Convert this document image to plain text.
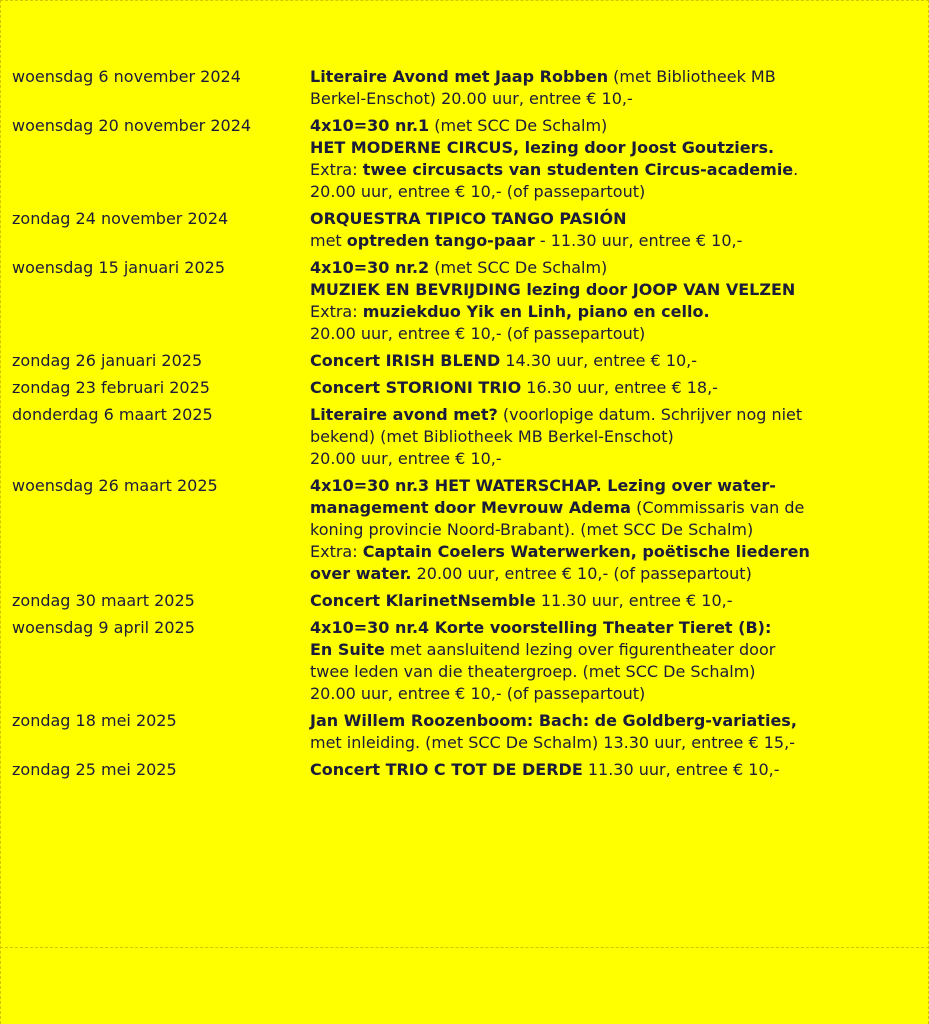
woensdag 6 november 2024	Literaire Avond met Jaap Robben (met Bibliotheek MB
Berkel-Enschot) 20.00 uur, entree € 10,-
woensdag 20 november 2024	4x10=30 nr.1 (met SCC De Schalm)
HET MODERNE CIRCUS, lezing door Joost Goutziers.
Extra: twee circusacts van studenten Circus-academie.
20.00 uur, entree € 10,- (of passepartout)
zondag 24 november 2024	ORQUESTRA TIPICO TANGO PASIÓN
met optreden tango-paar - 11.30 uur, entree € 10,-
woensdag 15 januari 2025	4x10=30 nr.2 (met SCC De Schalm)
MUZIEK EN BEVRIJDING lezing door JOOP VAN VELZEN
Extra: muziekduo Yik en Linh, piano en cello.
20.00 uur, entree € 10,- (of passepartout)
zondag 26 januari 2025	Concert IRISH BLEND 14.30 uur, entree € 10,-
zondag 23 februari 2025	Concert STORIONI TRIO 16.30 uur, entree € 18,-
donderdag 6 maart 2025	Literaire avond met? (voorlopige datum. Schrijver nog niet
bekend) (met Bibliotheek MB Berkel-Enschot)
20.00 uur, entree € 10,-
woensdag 26 maart 2025	4x10=30 nr.3 HET WATERSCHAP. Lezing over water-
management door Mevrouw Adema (Commissaris van de
koning provincie Noord-Brabant). (met SCC De Schalm)
Extra: Captain Coelers Waterwerken, poëtische liederen
over water. 20.00 uur, entree € 10,- (of passepartout)
zondag 30 maart 2025	Concert KlarinetNsemble 11.30 uur, entree € 10,-
woensdag 9 april 2025	4x10=30 nr.4 Korte voorstelling Theater Tieret (B):
En Suite met aansluitend lezing over figurentheater door
twee leden van die theatergroep. (met SCC De Schalm)
20.00 uur, entree € 10,- (of passepartout)
zondag 18 mei 2025	Jan Willem Roozenboom: Bach: de Goldberg-variaties,
met inleiding. (met SCC De Schalm) 13.30 uur, entree € 15,-
zondag 25 mei 2025	Concert TRIO C TOT DE DERDE 11.30 uur, entree € 10,-
